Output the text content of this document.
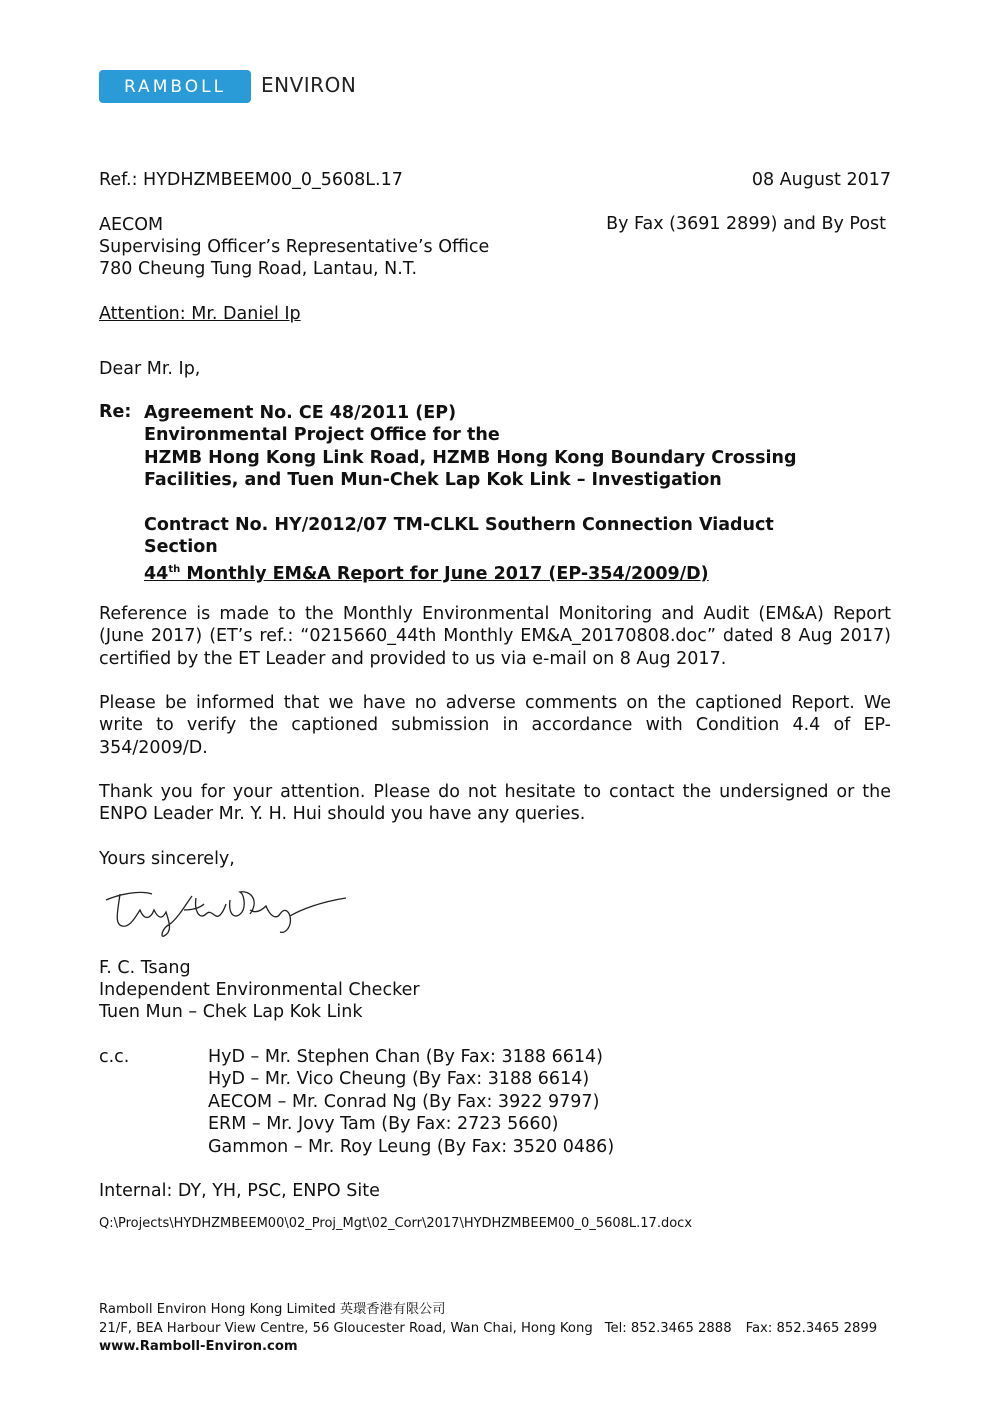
RAMBOLL ENVIRON
Ref.: HYDHZMBEEM00_0_5608L.17	08 August 2017
AECOM	By Fax (3691 2899) and By Post
Supervising Officer’s Representative’s Office
780 Cheung Tung Road, Lantau, N.T.
Attention: Mr. Daniel Ip
Dear Mr. Ip,
Re: Agreement No. CE 48/2011 (EP)
Environmental Project Office for the
HZMB Hong Kong Link Road, HZMB Hong Kong Boundary Crossing
Facilities, and Tuen Mun-Chek Lap Kok Link – Investigation
Contract No. HY/2012/07 TM-CLKL Southern Connection Viaduct
Section
44th Monthly EM&A Report for June 2017 (EP-354/2009/D)
Reference is made to the Monthly Environmental Monitoring and Audit (EM&A) Report (June 2017) (ET’s ref.: “0215660_44th Monthly EM&A_20170808.doc” dated 8 Aug 2017) certified by the ET Leader and provided to us via e-mail on 8 Aug 2017.
Please be informed that we have no adverse comments on the captioned Report. We write to verify the captioned submission in accordance with Condition 4.4 of EP-354/2009/D.
Thank you for your attention. Please do not hesitate to contact the undersigned or the ENPO Leader Mr. Y. H. Hui should you have any queries.
Yours sincerely,
F. C. Tsang
Independent Environmental Checker
Tuen Mun – Chek Lap Kok Link
c.c.	HyD – Mr. Stephen Chan (By Fax: 3188 6614)
HyD – Mr. Vico Cheung (By Fax: 3188 6614)
AECOM – Mr. Conrad Ng (By Fax: 3922 9797)
ERM – Mr. Jovy Tam (By Fax: 2723 5660)
Gammon – Mr. Roy Leung (By Fax: 3520 0486)
Internal: DY, YH, PSC, ENPO Site
Q:\Projects\HYDHZMBEEM00\02_Proj_Mgt\02_Corr\2017\HYDHZMBEEM00_0_5608L.17.docx
Ramboll Environ Hong Kong Limited 英環香港有限公司
21/F, BEA Harbour View Centre, 56 Gloucester Road, Wan Chai, Hong Kong Tel: 852.3465 2888 Fax: 852.3465 2899
www.Ramboll-Environ.com
